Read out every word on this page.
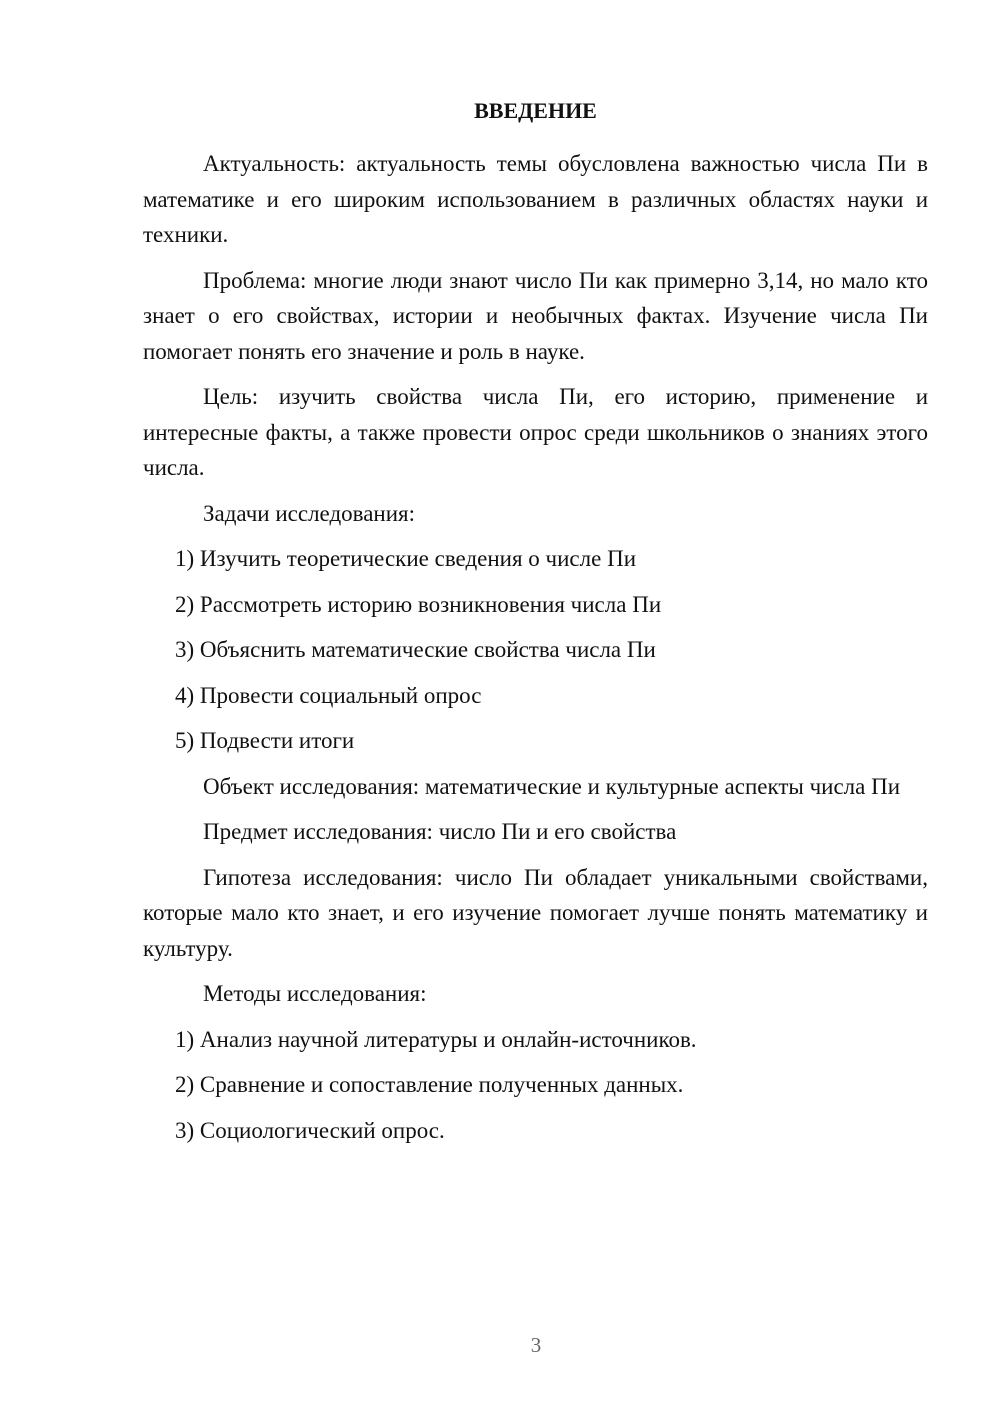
ВВЕДЕНИЕ

Актуальность: актуальность темы обусловлена важностью числа Пи в математике и его широким использованием в различных областях науки и техники.

Проблема: многие люди знают число Пи как примерно 3,14, но мало кто знает о его свойствах, истории и необычных фактах. Изучение числа Пи помогает понять его значение и роль в науке.

Цель: изучить свойства числа Пи, его историю, применение и интересные факты, а также провести опрос среди школьников о знаниях этого числа.

Задачи исследования:

1) Изучить теоретические сведения о числе Пи

2) Рассмотреть историю возникновения числа Пи

3) Объяснить математические свойства числа Пи

4) Провести социальный опрос

5) Подвести итоги

Объект исследования: математические и культурные аспекты числа Пи

Предмет исследования: число Пи и его свойства

Гипотеза исследования: число Пи обладает уникальными свойствами, которые мало кто знает, и его изучение помогает лучше понять математику и культуру.

Методы исследования:

1) Анализ научной литературы и онлайн-источников.

2) Сравнение и сопоставление полученных данных.

3) Социологический опрос.

3
